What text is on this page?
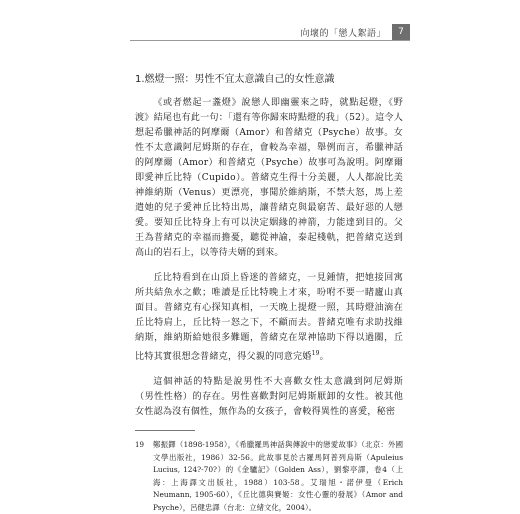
向壞的「戀人絮語」	7
1.燃燈一照：男性不宜太意識自己的女性意識

《或者燃起一盞燈》說戀人即幽靈來之時，就點起燈，《野渡》結尾也有此一句：「還有等你歸來時點燈的我」（52）。這令人想起希臘神話的阿摩爾（Amor）和普緒克（Psyche）故事。女性不太意識阿尼姆斯的存在，會較為幸福，舉例而言，希臘神話的阿摩爾（Amor）和普緒克（Psyche）故事可為說明。阿摩爾即愛神丘比特（Cupido）。普緒克生得十分美麗，人人都說比美神維納斯（Venus）更漂亮，事聞於維納斯，不禁大怒，馬上差遣她的兒子愛神丘比特出馬，讓普緒克與最窮苦、最好惡的人戀愛。要知丘比特身上有可以決定姻緣的神箭，力能達到目的。父王為普緒克的幸福而擔憂，聽從神諭，泰起棧軌，把普緒克送到高山的岩石上，以等待夫婿的到來。

丘比特看到在山頂上昏迷的普緒克，一見鍾情，把她接回寓所共結魚水之歡；唯讀是丘比特晚上才來，吩咐不要一睹廬山真面目。普緒克有心探知真相，一天晚上提燈一照，其時燈油滴在丘比特肩上，丘比特一怒之下，不顧而去。普緒克唯有求助找維納斯，維納斯給她很多難題，普緒克在眾神協助下得以過關，丘比特其實很想念普緒克，得父親的同意完婚$^{19}$。

這個神話的特點是說男性不大喜歡女性太意識到阿尼姆斯（男性性格）的存在。男性喜歡對阿尼姆斯厭卸的女性。被其他女性認為沒有個性，無作為的女孩子，會較得異性的喜愛，秘密

19 鄭振鐸（1898-1958），《希臘羅馬神話與傳說中的戀愛故事》（北京：外國文學出版社，1986）32-56。此故事見於古羅馬阿普列烏斯（Apuleius Lucius, 124?-70?）的《金驢記》（Golden Ass），劉黎亭譯，卷4（上海：上海譯文出版社，1988）103-58。艾瑞旭・諾伊曼（Erich Neumann, 1905-60），《丘比德與賽姬：女性心靈的發展》（Amor and Psyche），呂健忠譯（台北：立緒文化，2004）。
